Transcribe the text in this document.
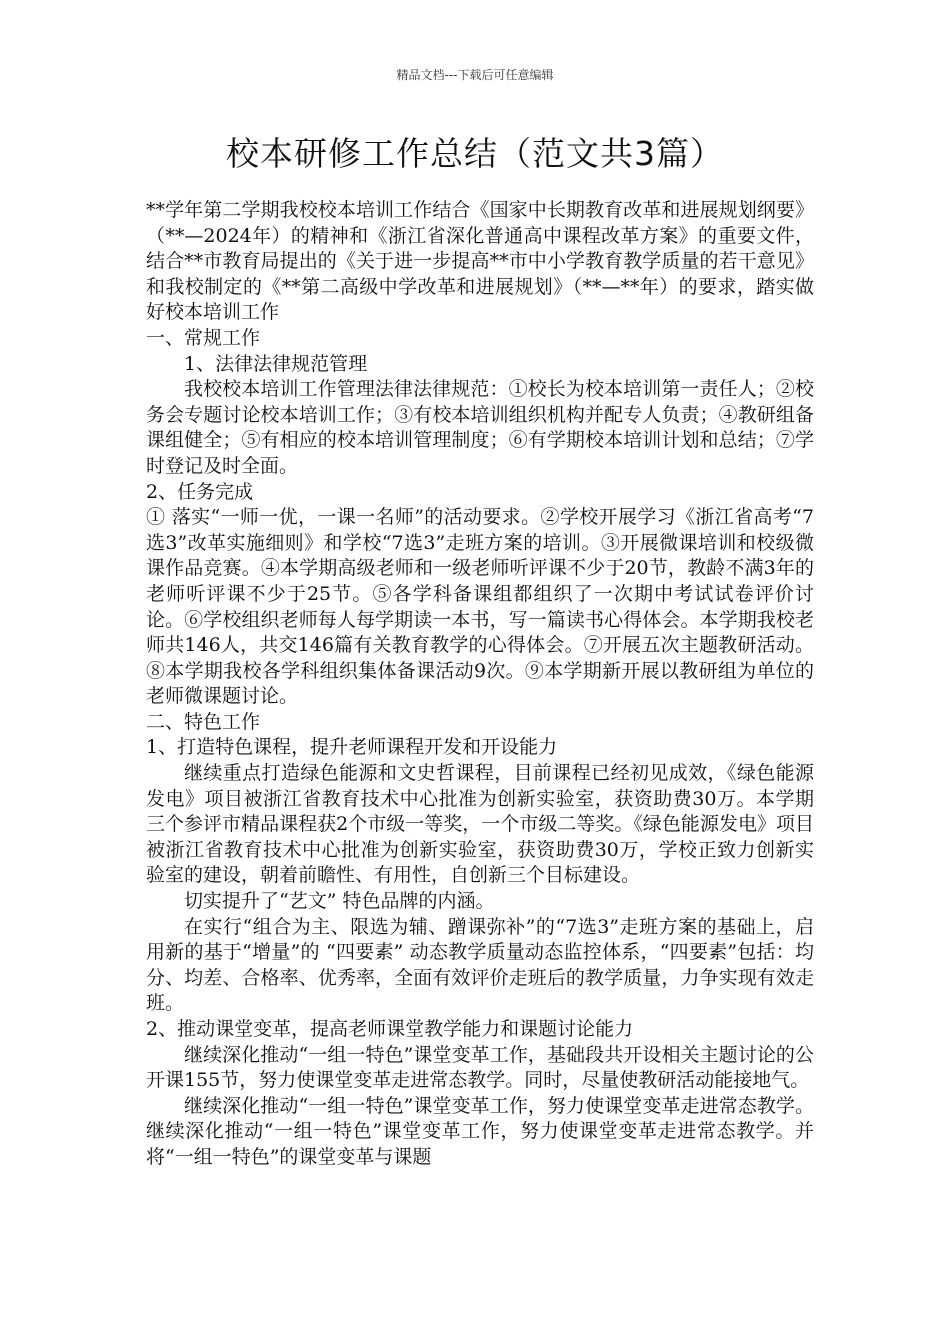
精品文档---下载后可任意编辑
校本研修工作总结（范文共3篇）

**学年第二学期我校校本培训工作结合《国家中长期教育改革和进展规划纲要》（**—2024年）的精神和《浙江省深化普通高中课程改革方案》的重要文件，结合**市教育局提出的《关于进一步提高**市中小学教育教学质量的若干意见》和我校制定的《**第二高级中学改革和进展规划》（**—**年）的要求，踏实做好校本培训工作

一、常规工作

1、法律法律规范管理

我校校本培训工作管理法律法律规范：①校长为校本培训第一责任人；②校务会专题讨论校本培训工作；③有校本培训组织机构并配专人负责；④教研组备课组健全；⑤有相应的校本培训管理制度；⑥有学期校本培训计划和总结；⑦学时登记及时全面。

2、任务完成

① 落实“一师一优，一课一名师”的活动要求。②学校开展学习《浙江省高考“7选3”改革实施细则》和学校“7选3”走班方案的培训。③开展微课培训和校级微课作品竞赛。④本学期高级老师和一级老师听评课不少于20节，教龄不满3年的老师听评课不少于25节。⑤各学科备课组都组织了一次期中考试试卷评价讨论。⑥学校组织老师每人每学期读一本书，写一篇读书心得体会。本学期我校老师共146人，共交146篇有关教育教学的心得体会。⑦开展五次主题教研活动。⑧本学期我校各学科组织集体备课活动9次。⑨本学期新开展以教研组为单位的老师微课题讨论。

二、特色工作

1、打造特色课程，提升老师课程开发和开设能力

继续重点打造绿色能源和文史哲课程，目前课程已经初见成效，《绿色能源发电》项目被浙江省教育技术中心批准为创新实验室，获资助费30万。本学期三个参评市精品课程获2个市级一等奖，一个市级二等奖。《绿色能源发电》项目被浙江省教育技术中心批准为创新实验室，获资助费30万，学校正致力创新实验室的建设，朝着前瞻性、有用性，自创新三个目标建设。

切实提升了“艺文” 特色品牌的内涵。

在实行“组合为主、限选为辅、蹭课弥补”的“7选3”走班方案的基础上，启用新的基于“增量”的 “四要素” 动态教学质量动态监控体系，“四要素”包括：均分、均差、合格率、优秀率，全面有效评价走班后的教学质量，力争实现有效走班。

2、推动课堂变革，提高老师课堂教学能力和课题讨论能力

继续深化推动“一组一特色”课堂变革工作，基础段共开设相关主题讨论的公开课155节，努力使课堂变革走进常态教学。同时，尽量使教研活动能接地气。

继续深化推动“一组一特色”课堂变革工作，努力使课堂变革走进常态教学。继续深化推动“一组一特色”课堂变革工作，努力使课堂变革走进常态教学。并将“一组一特色”的课堂变革与课题
